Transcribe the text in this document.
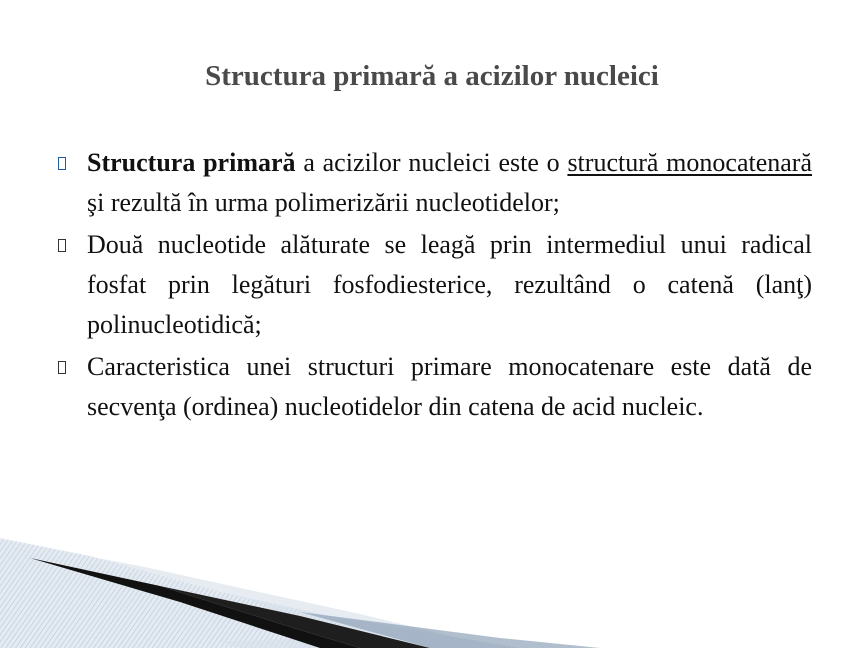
Structura primară a acizilor nucleici
Structura primară a acizilor nucleici este o structură monocatenară şi rezultă în urma polimerizării nucleotidelor;
Două nucleotide alăturate se leagă prin intermediul unui radical fosfat prin legături fosfodiesterice, rezultând o catenă (lanţ) polinucleotidică;
Caracteristica unei structuri primare monocatenare este dată de secvenţa (ordinea) nucleotidelor din catena de acid nucleic.
